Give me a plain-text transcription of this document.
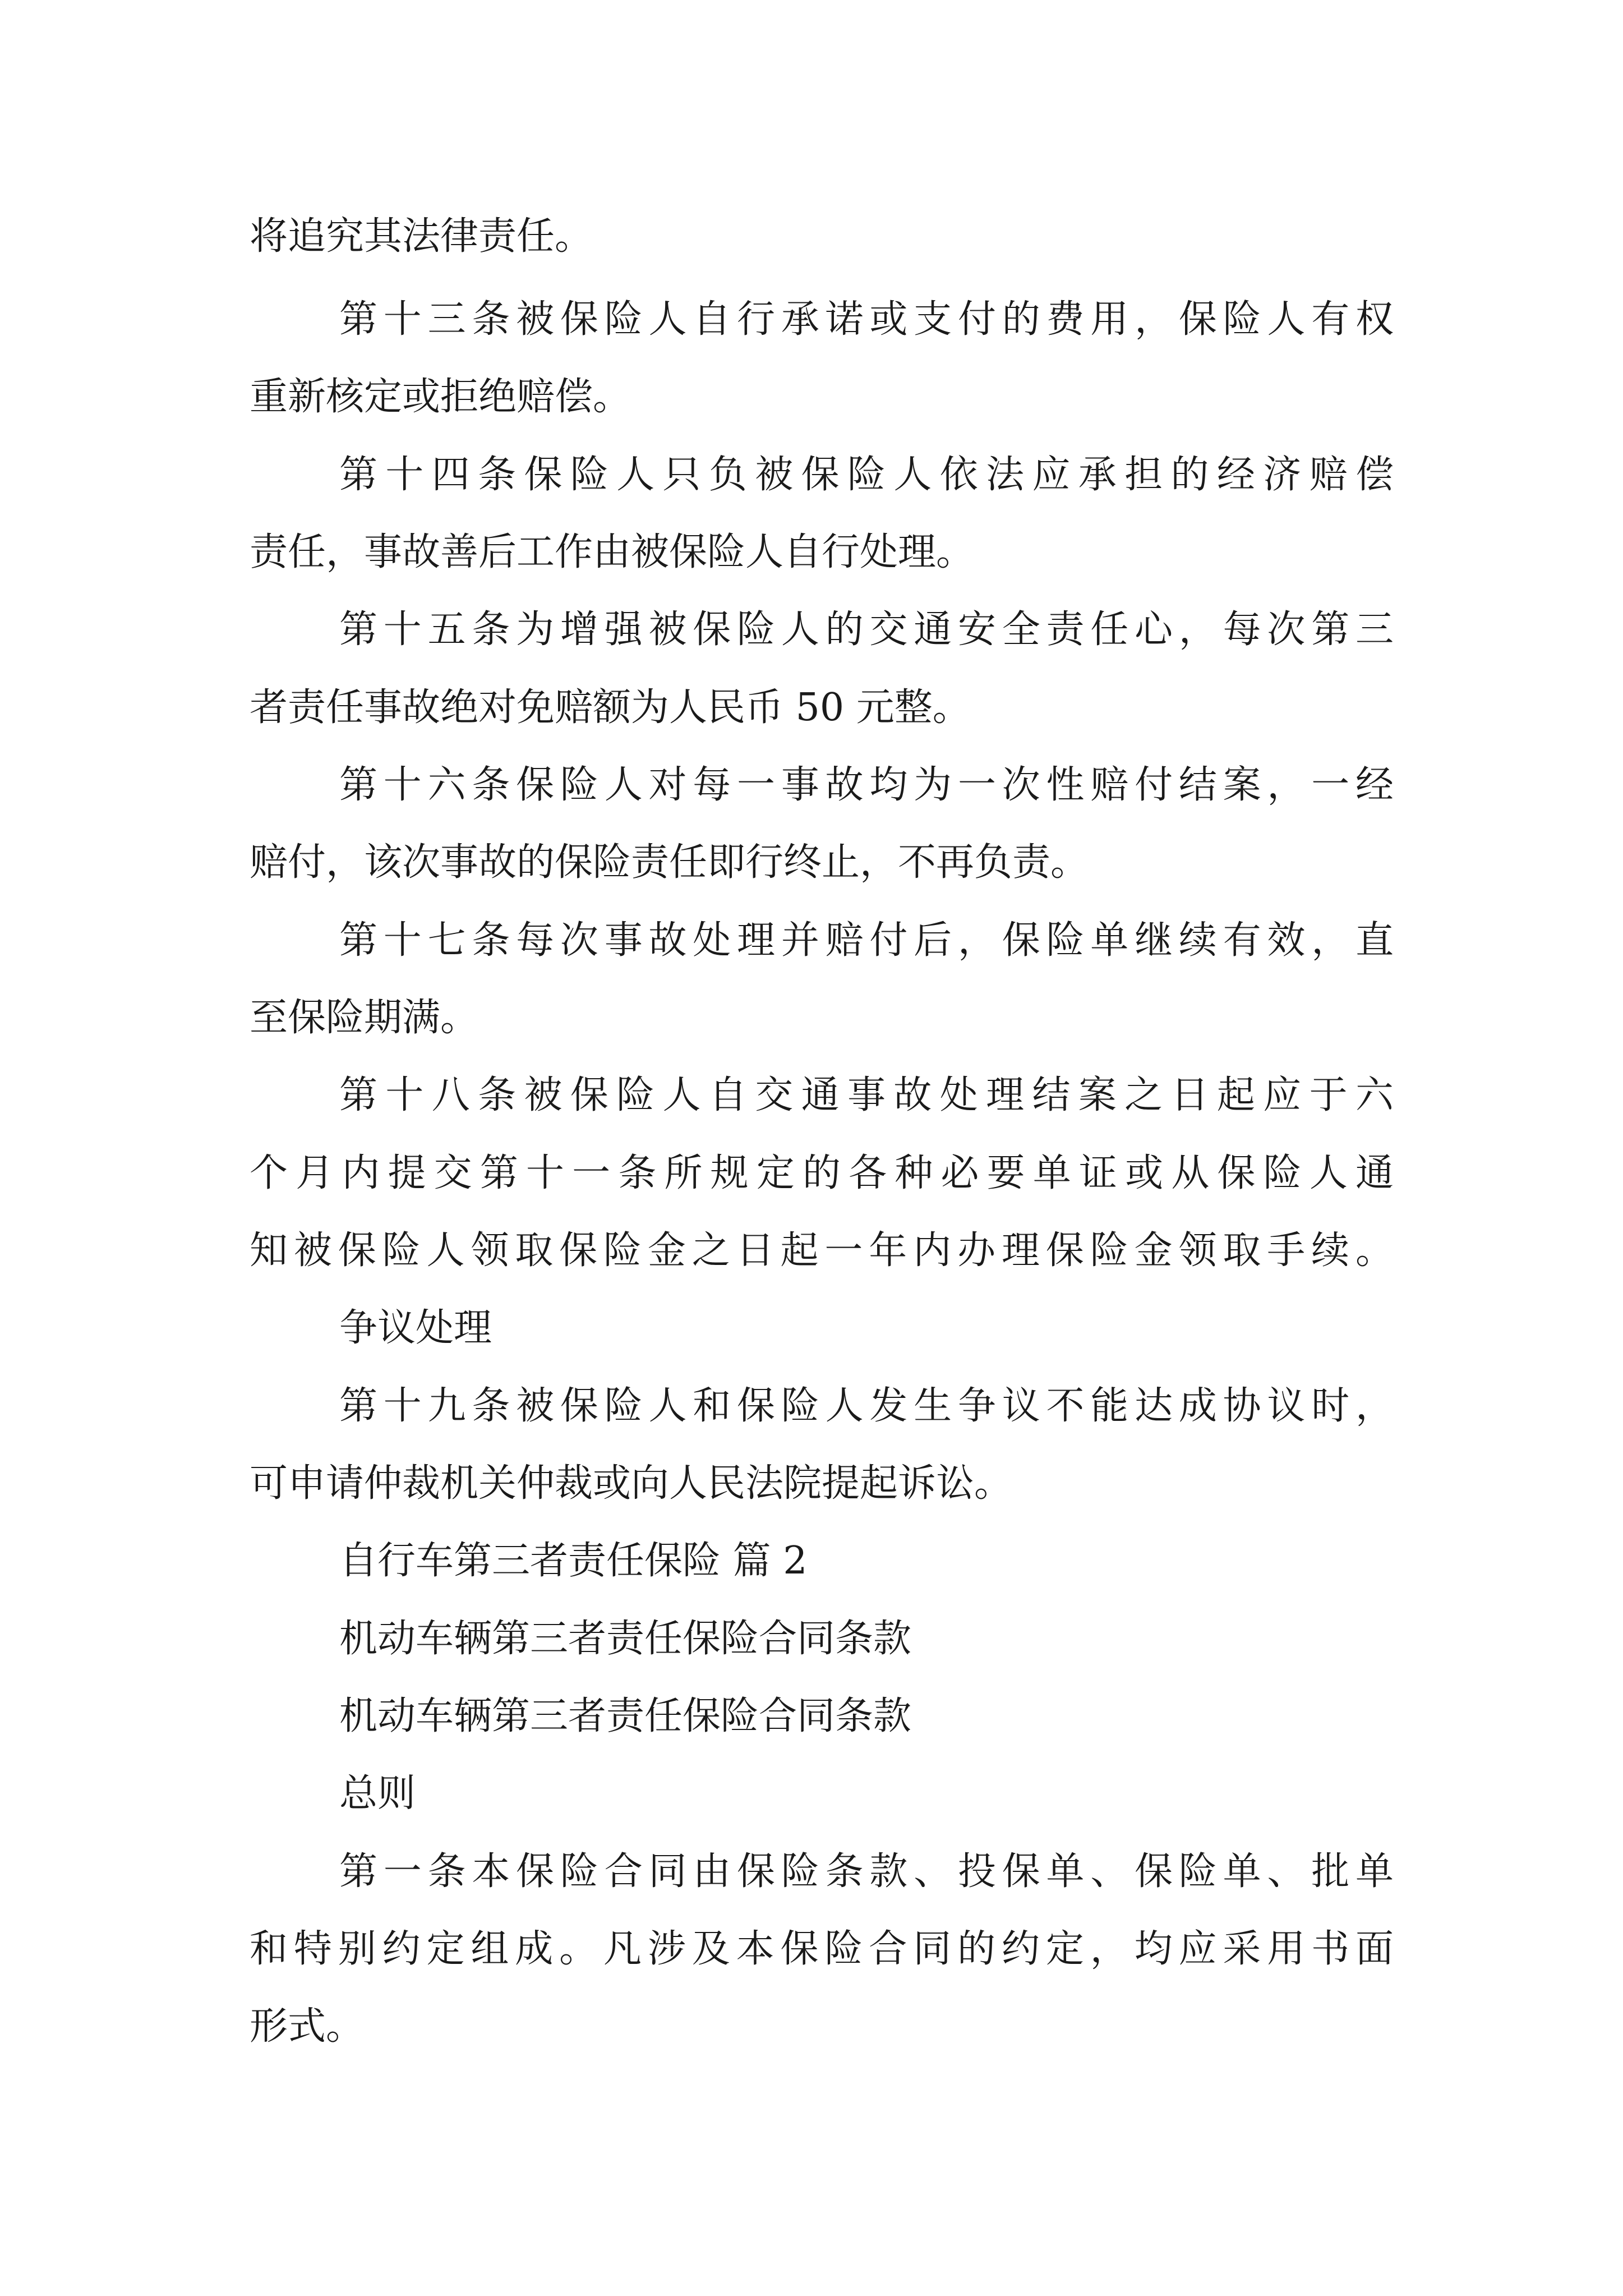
将追究其法律责任。

第十三条被保险人自行承诺或支付的费用，保险人有权

重新核定或拒绝赔偿。

第十四条保险人只负被保险人依法应承担的经济赔偿

责任，事故善后工作由被保险人自行处理。

第十五条为增强被保险人的交通安全责任心，每次第三

者责任事故绝对免赔额为人民币 50 元整。

第十六条保险人对每一事故均为一次性赔付结案，一经

赔付，该次事故的保险责任即行终止，不再负责。

第十七条每次事故处理并赔付后，保险单继续有效，直

至保险期满。

第十八条被保险人自交通事故处理结案之日起应于六

个月内提交第十一条所规定的各种必要单证或从保险人通

知被保险人领取保险金之日起一年内办理保险金领取手续。

争议处理

第十九条被保险人和保险人发生争议不能达成协议时，

可申请仲裁机关仲裁或向人民法院提起诉讼。

自行车第三者责任保险 篇 2

机动车辆第三者责任保险合同条款

机动车辆第三者责任保险合同条款

总则

第一条本保险合同由保险条款、投保单、保险单、批单

和特别约定组成。凡涉及本保险合同的约定，均应采用书面

形式。
